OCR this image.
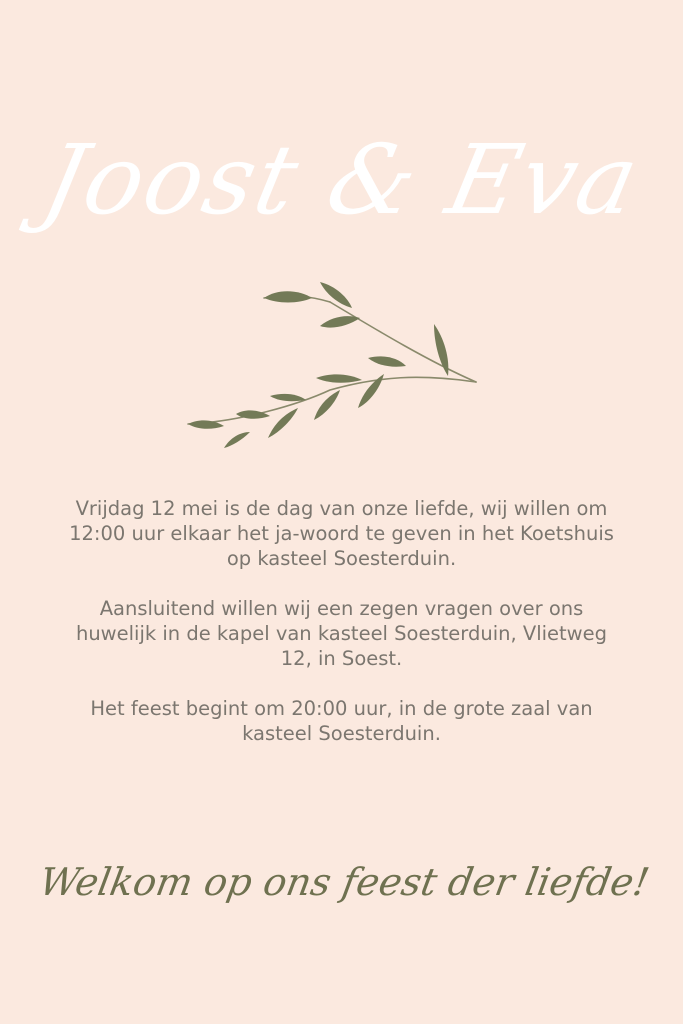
Joost & Eva

Vrijdag 12 mei is de dag van onze liefde, wij willen om 12:00 uur elkaar het ja-woord te geven in het Koetshuis op kasteel Soesterduin.

Aansluitend willen wij een zegen vragen over ons huwelijk in de kapel van kasteel Soesterduin, Vlietweg 12, in Soest.

Het feest begint om 20:00 uur, in de grote zaal van kasteel Soesterduin.

Welkom op ons feest der liefde!
